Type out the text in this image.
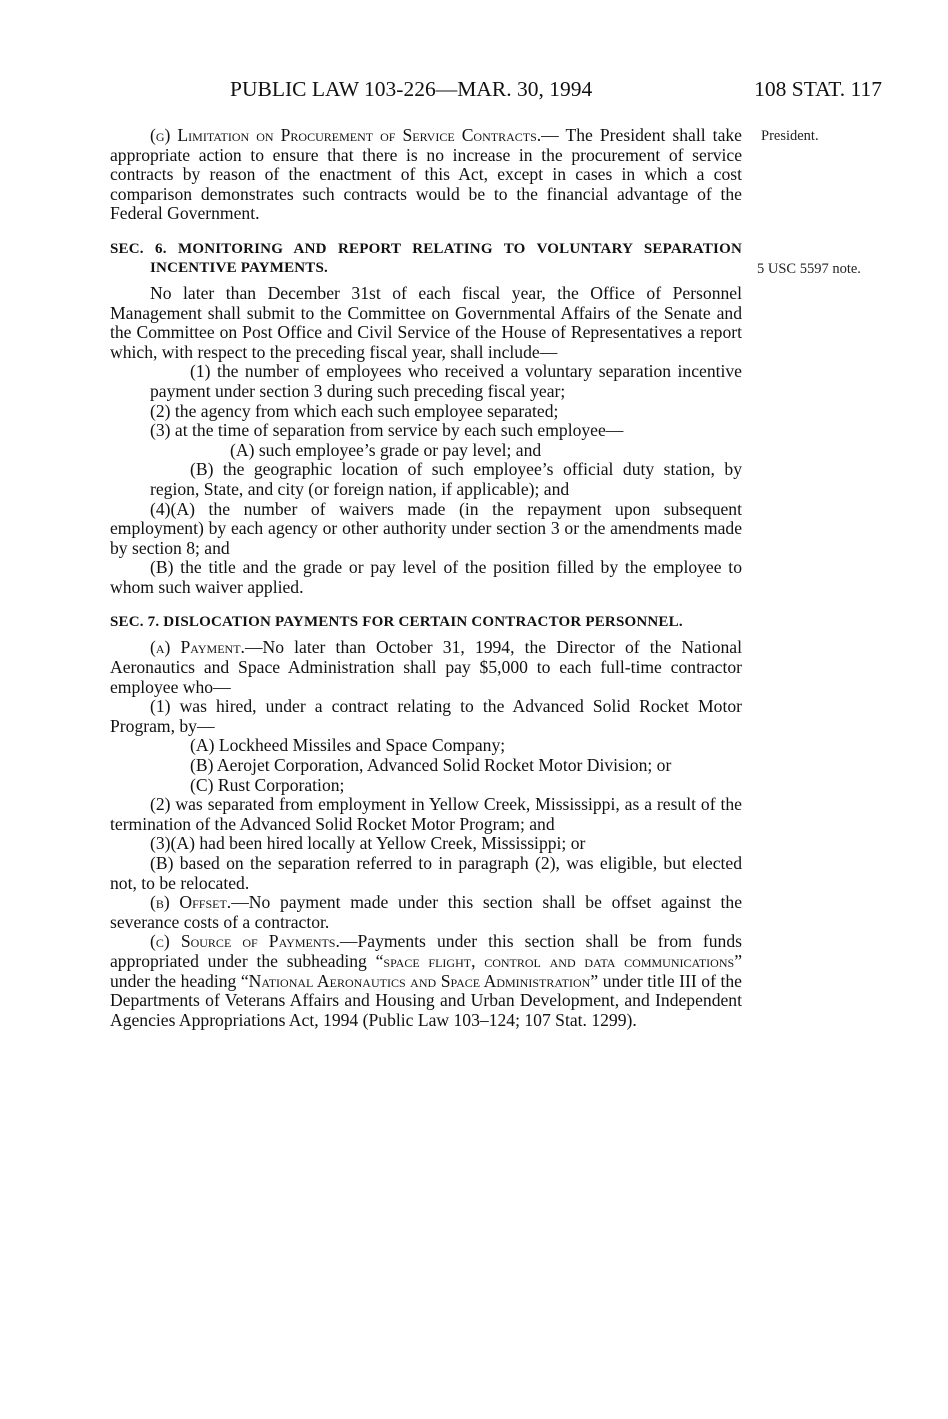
PUBLIC LAW 103-226—MAR. 30, 1994	108 STAT. 117
President.
5 USC 5597 note.

(g) Limitation on Procurement of Service Contracts.— The President shall take appropriate action to ensure that there is no increase in the procurement of service contracts by reason of the enactment of this Act, except in cases in which a cost comparison demonstrates such contracts would be to the financial advantage of the Federal Government.

SEC. 6. MONITORING AND REPORT RELATING TO VOLUNTARY SEPARATION INCENTIVE PAYMENTS.

No later than December 31st of each fiscal year, the Office of Personnel Management shall submit to the Committee on Governmental Affairs of the Senate and the Committee on Post Office and Civil Service of the House of Representatives a report which, with respect to the preceding fiscal year, shall include—

(1) the number of employees who received a voluntary separation incentive payment under section 3 during such preceding fiscal year;

(2) the agency from which each such employee separated;

(3) at the time of separation from service by each such employee—

(A) such employee’s grade or pay level; and

(B) the geographic location of such employee’s official duty station, by region, State, and city (or foreign nation, if applicable); and

(4)(A) the number of waivers made (in the repayment upon subsequent employment) by each agency or other authority under section 3 or the amendments made by section 8; and

(B) the title and the grade or pay level of the position filled by the employee to whom such waiver applied.

SEC. 7. DISLOCATION PAYMENTS FOR CERTAIN CONTRACTOR PERSONNEL.

(a) Payment.—No later than October 31, 1994, the Director of the National Aeronautics and Space Administration shall pay $5,000 to each full-time contractor employee who—

(1) was hired, under a contract relating to the Advanced Solid Rocket Motor Program, by—

(A) Lockheed Missiles and Space Company;

(B) Aerojet Corporation, Advanced Solid Rocket Motor Division; or

(C) Rust Corporation;

(2) was separated from employment in Yellow Creek, Mississippi, as a result of the termination of the Advanced Solid Rocket Motor Program; and

(3)(A) had been hired locally at Yellow Creek, Mississippi; or

(B) based on the separation referred to in paragraph (2), was eligible, but elected not, to be relocated.

(b) Offset.—No payment made under this section shall be offset against the severance costs of a contractor.

(c) Source of Payments.—Payments under this section shall be from funds appropriated under the subheading “space flight, control and data communications” under the heading “National Aeronautics and Space Administration” under title III of the Departments of Veterans Affairs and Housing and Urban Development, and Independent Agencies Appropriations Act, 1994 (Public Law 103–124; 107 Stat. 1299).
